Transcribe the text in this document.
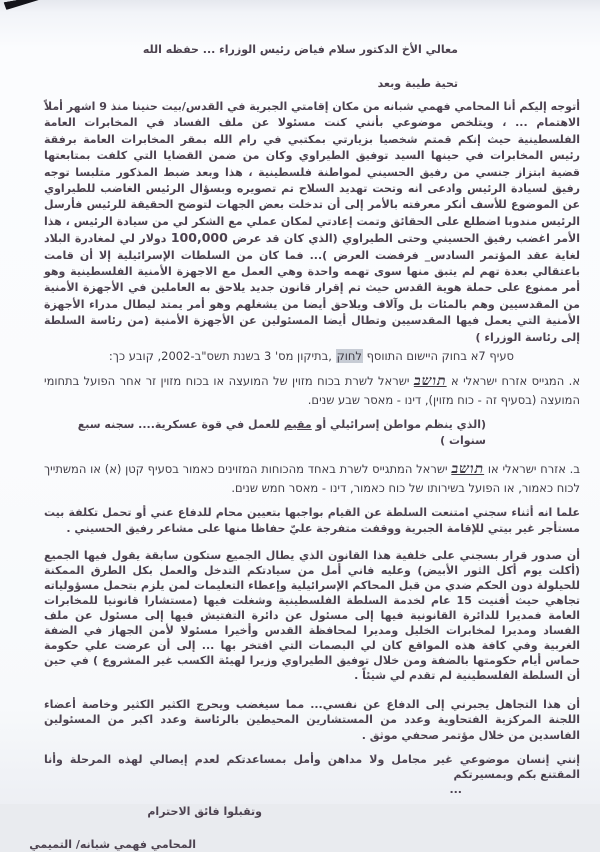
معالي الأخ الدكتور سلام فياض رئيس الوزراء ... حفظه الله
تحية طيبة وبعد

أتوجه إليكم أنا المحامي فهمي شبانه من مكان إقامتي الجبرية في القدس/بيت حنينا منذ 9 اشهر أملاً الاهتمام ... ، ويتلخص موضوعي بأنني كنت مسئولا عن ملف الفساد في المخابرات العامة الفلسطينية حيث إنكم قمتم شخصيا بزيارتي بمكتبي في رام الله بمقر المخابرات العامة برفقة رئيس المخابرات في حينها السيد توفيق الطيراوي وكان من ضمن القضايا التي كلفت بمتابعتها قضية ابتزاز جنسي من رفيق الحسيني لمواطنة فلسطينية ، هذا وبعد ضبط المذكور متلبسا توجه رفيق لسيادة الرئيس وادعى انه وتحت تهديد السلاح تم تصويره وبسؤال الرئيس الغاضب للطيراوي عن الموضوع للأسف أنكر معرفته بالأمر إلى أن تدخلت بعض الجهات لتوضح الحقيقة للرئيس فأرسل الرئيس مندوبا اضطلع على الحقائق وتمت إعادتي لمكان عملي مع الشكر لي من سيادة الرئيس ، هذا الأمر اغضب رفيق الحسيني وحتى الطيراوي (الذي كان قد عرض 100,000 دولار لي لمغادرة البلاد لغاية عقد المؤتمر السادس_ فرفضت العرض )... فما كان من السلطات الإسرائيلية إلا أن قامت باعتقالي بعدة تهم لم يتبق منها سوى تهمه واحدة وهي العمل مع الاجهزة الأمنية الفلسطينية وهو أمر ممنوع على حملة هوية القدس حيث تم إقرار قانون جديد يلاحق به العاملين في الأجهزة الأمنية من المقدسيين وهم بالمئات بل وآلاف ويلاحق أيضا من يشغلهم وهو أمر يمتد ليطال مدراء الأجهزة الأمنية التي يعمل فيها المقدسيين وتطال أيضا المسئولين عن الأجهزة الأمنية (من رئاسة السلطة إلى رئاسة الوزراء )

סעיף 7א בחוק היישום התווסף לחוק ,בתיקון מס' 3 בשנת תשס"ב-2002, קובע כך:

א. המגייס אזרח ישראלי א תושב ישראל לשרת בכוח מזוין של המועצה או בכוח מזוין זר אחר הפועל בתחומי המועצה (בסעיף זה - כוח מזוין), דינו - מאסר שבע שנים.

(الذي ينظم مواطن إسرائيلي أو مقيم للعمل في قوة عسكرية.... سجنه سبع سنوات )

ב. אזרח ישראלי או תושב ישראל המתגייס לשרת באחד מהכוחות המזוינים כאמור בסעיף קטן (א) או המשתייך לכוח כאמור, או הפועל בשירותו של כוח כאמור, דינו - מאסר חמש שנים.

علما انه أثناء سجني امتنعت السلطة عن القيام بواجبها بتعيين محام للدفاع عني أو تحمل تكلفة بيت مستأجر غير بيتي للإقامة الجبرية ووقفت متفرجة عليّ حفاظا منها على مشاعر رفيق الحسيني .

أن صدور قرار بسجني على خلفية هذا القانون الذي يطال الجميع ستكون سابقة يقول فيها الجميع (أكلت يوم أكل الثور الأبيض) وعليه فاني أمل من سيادتكم التدخل والعمل بكل الطرق الممكنة للحيلولة دون الحكم ضدي من قبل المحاكم الإسرائيلية وإعطاء التعليمات لمن يلزم بتحمل مسؤولياته تجاهي حيث أفنيت 15 عام لخدمة السلطة الفلسطينية وشغلت فيها (مستشارا قانونيا للمخابرات العامة فمديرا للدائرة القانونية فيها إلى مسئول عن دائرة التفتيش فيها إلى مسئول عن ملف الفساد ومديرا لمخابرات الخليل ومديرا لمحافظة القدس وأخيرا مسئولا لأمن الجهاز في الضفة الغربية وفي كافة هذه المواقع كان لي البصمات التي افتخر بها ... إلى أن عرضت علي حكومة حماس أيام حكومتها بالضفة ومن خلال توفيق الطيراوي وزيرا لهيئة الكسب غير المشروع ) في حين أن السلطة الفلسطينية لم تقدم لي شيئاً .

أن هذا التجاهل يجبرني إلى الدفاع عن نفسي... مما سيغضب ويحرج الكثير الكثير وخاصة أعضاء اللجنة المركزية الفتحاوية وعدد من المستشارين المحيطين بالرئاسة وعدد اكبر من المسئولين الفاسدين من خلال مؤتمر صحفي موثق .

إنني إنسان موضوعي غير مجامل ولا مداهن وأمل بمساعدتكم لعدم إيصالي لهذه المرحلة وأنا المقتنع بكم وبمسيرتكم

...
وتقبلوا فائق الاحترام
المحامي فهمي شبانه/ التميمي
